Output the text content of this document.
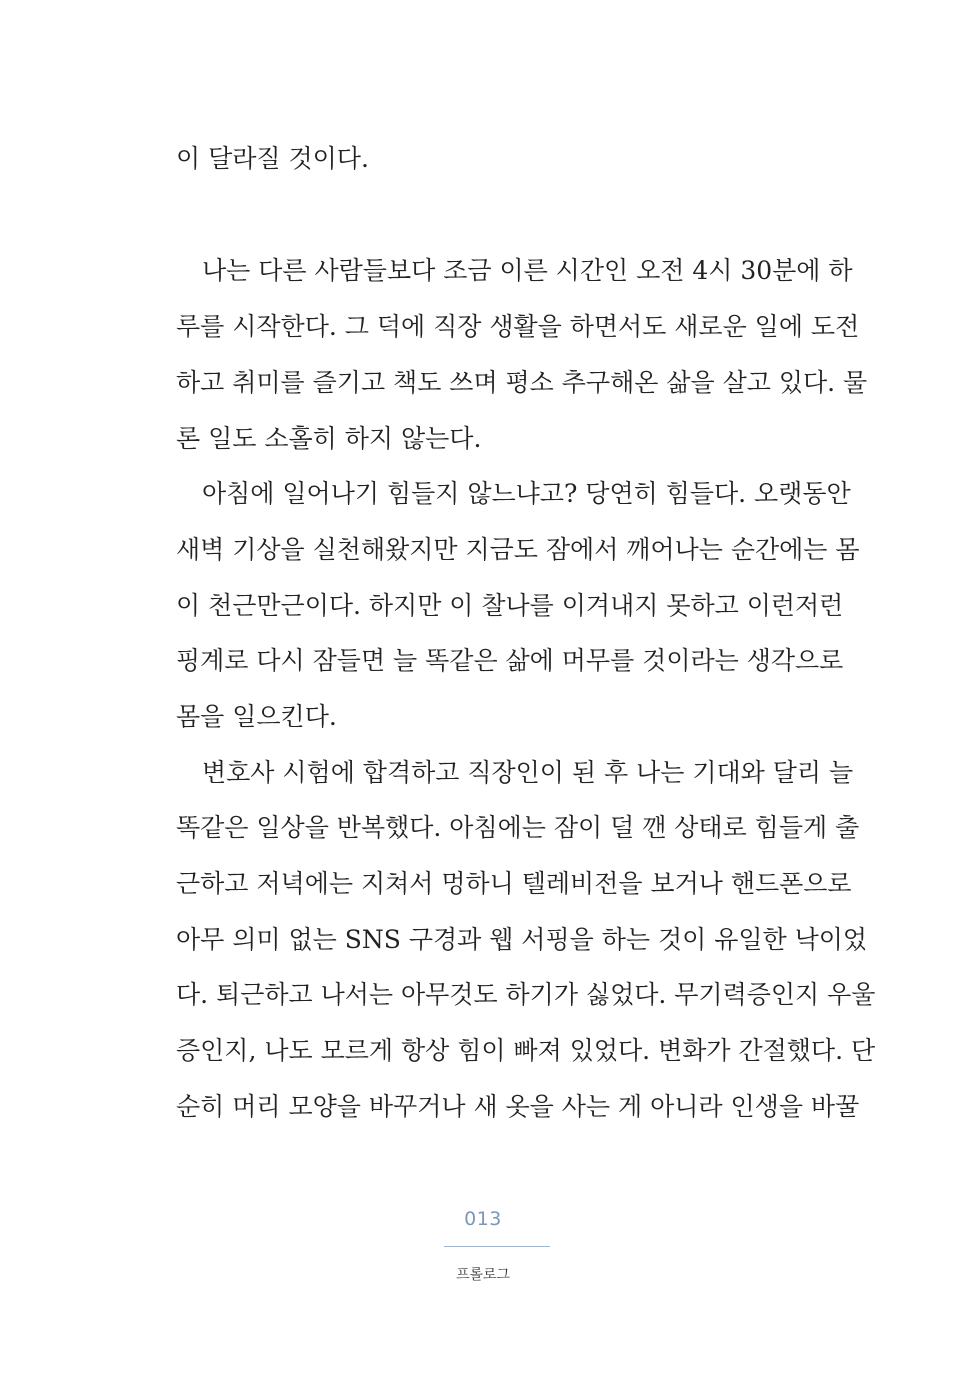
이 달라질 것이다.
나는 다른 사람들보다 조금 이른 시간인 오전 4시 30분에 하
루를 시작한다. 그 덕에 직장 생활을 하면서도 새로운 일에 도전
하고 취미를 즐기고 책도 쓰며 평소 추구해온 삶을 살고 있다. 물
론 일도 소홀히 하지 않는다.
아침에 일어나기 힘들지 않느냐고? 당연히 힘들다. 오랫동안
새벽 기상을 실천해왔지만 지금도 잠에서 깨어나는 순간에는 몸
이 천근만근이다. 하지만 이 찰나를 이겨내지 못하고 이런저런
핑계로 다시 잠들면 늘 똑같은 삶에 머무를 것이라는 생각으로
몸을 일으킨다.
변호사 시험에 합격하고 직장인이 된 후 나는 기대와 달리 늘
똑같은 일상을 반복했다. 아침에는 잠이 덜 깬 상태로 힘들게 출
근하고 저녁에는 지쳐서 멍하니 텔레비전을 보거나 핸드폰으로
아무 의미 없는 SNS 구경과 웹 서핑을 하는 것이 유일한 낙이었
다. 퇴근하고 나서는 아무것도 하기가 싫었다. 무기력증인지 우울
증인지, 나도 모르게 항상 힘이 빠져 있었다. 변화가 간절했다. 단
순히 머리 모양을 바꾸거나 새 옷을 사는 게 아니라 인생을 바꿀
013
프롤로그
